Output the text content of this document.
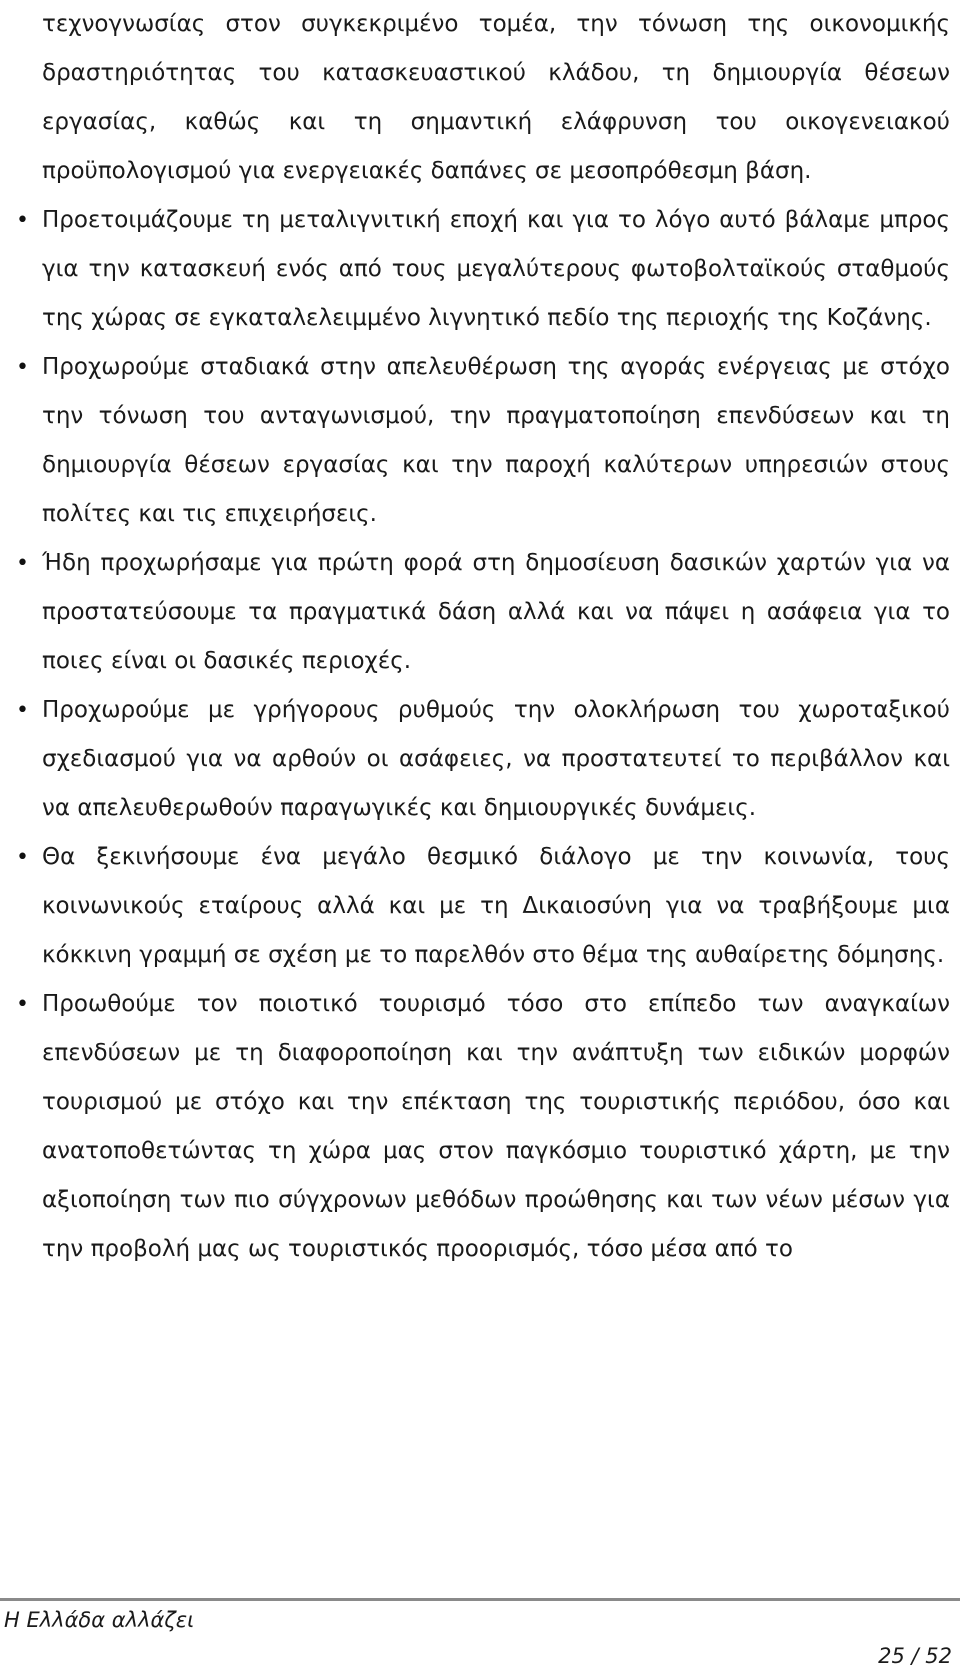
τεχνογνωσίας στον συγκεκριμένο τομέα, την τόνωση της οικονομικής δραστηριότητας του κατασκευαστικού κλάδου, τη δημιουργία θέσεων εργασίας, καθώς και τη σημαντική ελάφρυνση του οικογενειακού προϋπολογισμού για ενεργειακές δαπάνες σε μεσοπρόθεσμη βάση.

• Προετοιμάζουμε τη μεταλιγνιτική εποχή και για το λόγο αυτό βάλαμε μπρος για την κατασκευή ενός από τους μεγαλύτερους φωτοβολταϊκούς σταθμούς της χώρας σε εγκαταλελειμμένο λιγνητικό πεδίο της περιοχής της Κοζάνης.
• Προχωρούμε σταδιακά στην απελευθέρωση της αγοράς ενέργειας με στόχο την τόνωση του ανταγωνισμού, την πραγματοποίηση επενδύσεων και τη δημιουργία θέσεων εργασίας και την παροχή καλύτερων υπηρεσιών στους πολίτες και τις επιχειρήσεις.
• Ήδη προχωρήσαμε για πρώτη φορά στη δημοσίευση δασικών χαρτών για να προστατεύσουμε τα πραγματικά δάση αλλά και να πάψει η ασάφεια για το ποιες είναι οι δασικές περιοχές.
• Προχωρούμε με γρήγορους ρυθμούς την ολοκλήρωση του χωροταξικού σχεδιασμού για να αρθούν οι ασάφειες, να προστατευτεί το περιβάλλον και να απελευθερωθούν παραγωγικές και δημιουργικές δυνάμεις.
• Θα ξεκινήσουμε ένα μεγάλο θεσμικό διάλογο με την κοινωνία, τους κοινωνικούς εταίρους αλλά και με τη Δικαιοσύνη για να τραβήξουμε μια κόκκινη γραμμή σε σχέση με το παρελθόν στο θέμα της αυθαίρετης δόμησης.
• Προωθούμε τον ποιοτικό τουρισμό τόσο στο επίπεδο των αναγκαίων επενδύσεων με τη διαφοροποίηση και την ανάπτυξη των ειδικών μορφών τουρισμού με στόχο και την επέκταση της τουριστικής περιόδου, όσο και ανατοποθετώντας τη χώρα μας στον παγκόσμιο τουριστικό χάρτη, με την αξιοποίηση των πιο σύγχρονων μεθόδων προώθησης και των νέων μέσων για την προβολή μας ως τουριστικός προορισμός, τόσο μέσα από το
Η Ελλάδα αλλάζει
25 / 52
